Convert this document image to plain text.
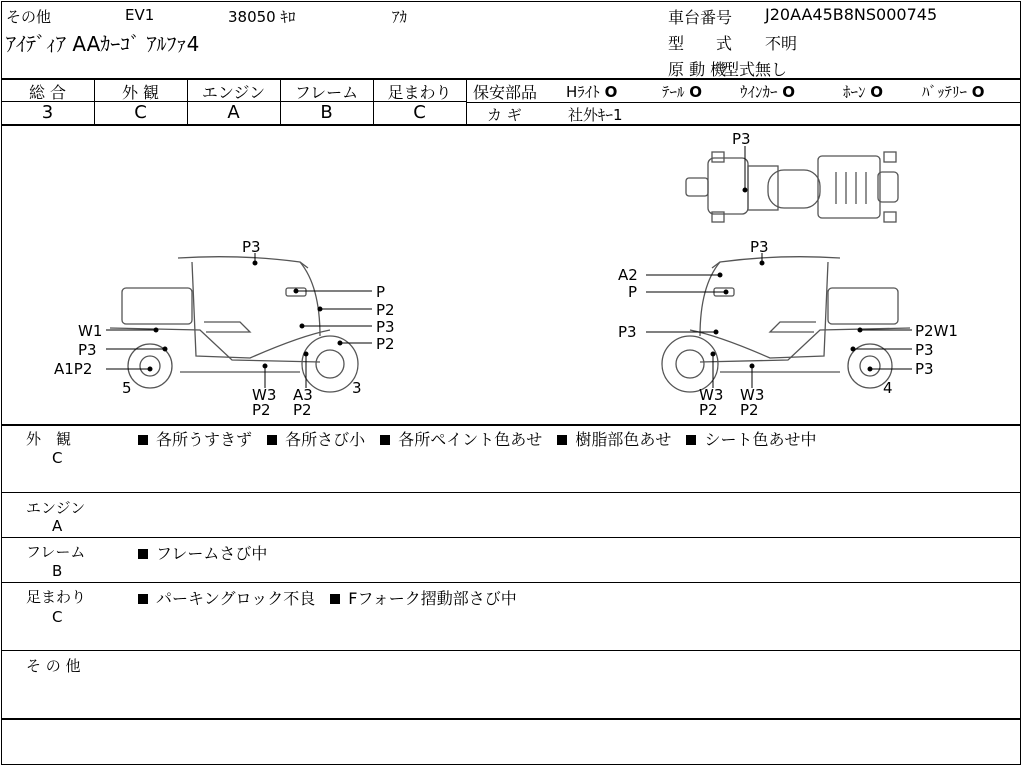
その他	EV1	38050 ｷﾛ	ｱｶ
ｱｲﾃﾞｨｱ AAｶｰｺﾞ ｱﾙﾌｧ4
車台番号 J20AA45B8NS000745
型　　式 不明
原 動 機
型式無し
総 合	外 観	エンジン	フレーム	足まわり
3	C	A	B	C
保安部品 Hﾗｲﾄ O	ﾃｰﾙ O	ｳｲﾝｶｰ O	ﾎｰﾝ O	ﾊﾞｯﾃﾘｰ O
カ ギ	社外ｷｰ1
P3
P
P2
P3
P2
W1
P3
A1P2
5	3
W3
P2
A3
P2
P3
P3
A2
P
P3	P2W1
P3
P3
4
W3
P2
W3
P2
外　観
C
各所うすきず 各所さび小 各所ペイント色あせ 樹脂部色あせ シート色あせ中
エンジン
A
フレーム
B
フレームさび中
足まわり
C
パーキングロック不良 Fフォーク摺動部さび中
そ の 他
